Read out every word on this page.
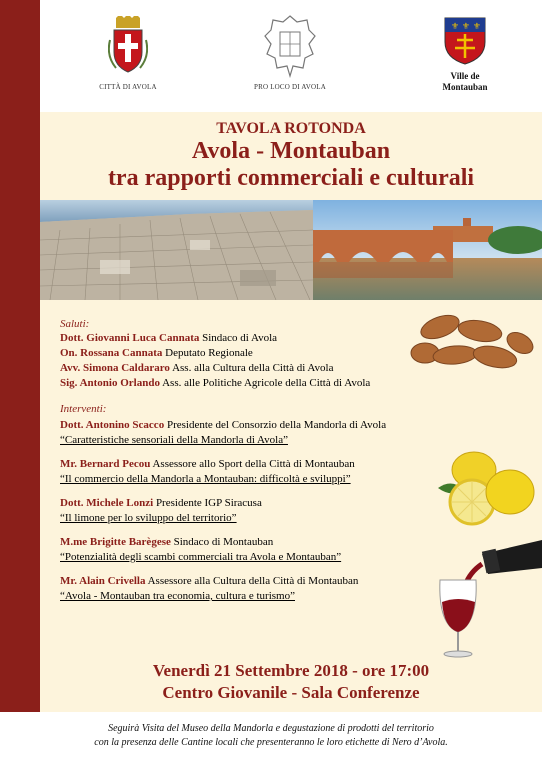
CITTÀ DI AVOLA	PRO LOCO DI AVOLA
⚜ ⚜ ⚜
Ville de
Montauban
TAVOLA ROTONDA
Avola - Montauban
tra rapporti commerciali e culturali
Saluti:
Dott. Giovanni Luca Cannata Sindaco di Avola
On. Rossana Cannata Deputato Regionale
Avv. Simona Caldararo Ass. alla Cultura della Città di Avola
Sig. Antonio Orlando Ass. alle Politiche Agricole della Città di Avola
Interventi:
Dott. Antonino Scacco Presidente del Consorzio della Mandorla di Avola
“Caratteristiche sensoriali della Mandorla di Avola”
Mr. Bernard Pecou Assessore allo Sport della Città di Montauban
“Il commercio della Mandorla a Montauban: difficoltà e sviluppi”
Dott. Michele Lonzi Presidente IGP Siracusa
“Il limone per lo sviluppo del territorio”
M.me Brigitte Barègese Sindaco di Montauban
“Potenzialità degli scambi commerciali tra Avola e Montauban”
Mr. Alain Crivella Assessore alla Cultura della Città di Montauban
“Avola - Montauban tra economia, cultura e turismo”
Venerdì 21 Settembre 2018 - ore 17:00
Centro Giovanile - Sala Conferenze
Seguirà Visita del Museo della Mandorla e degustazione di prodotti del territorio
con la presenza delle Cantine locali che presenteranno le loro etichette di Nero d’Avola.
